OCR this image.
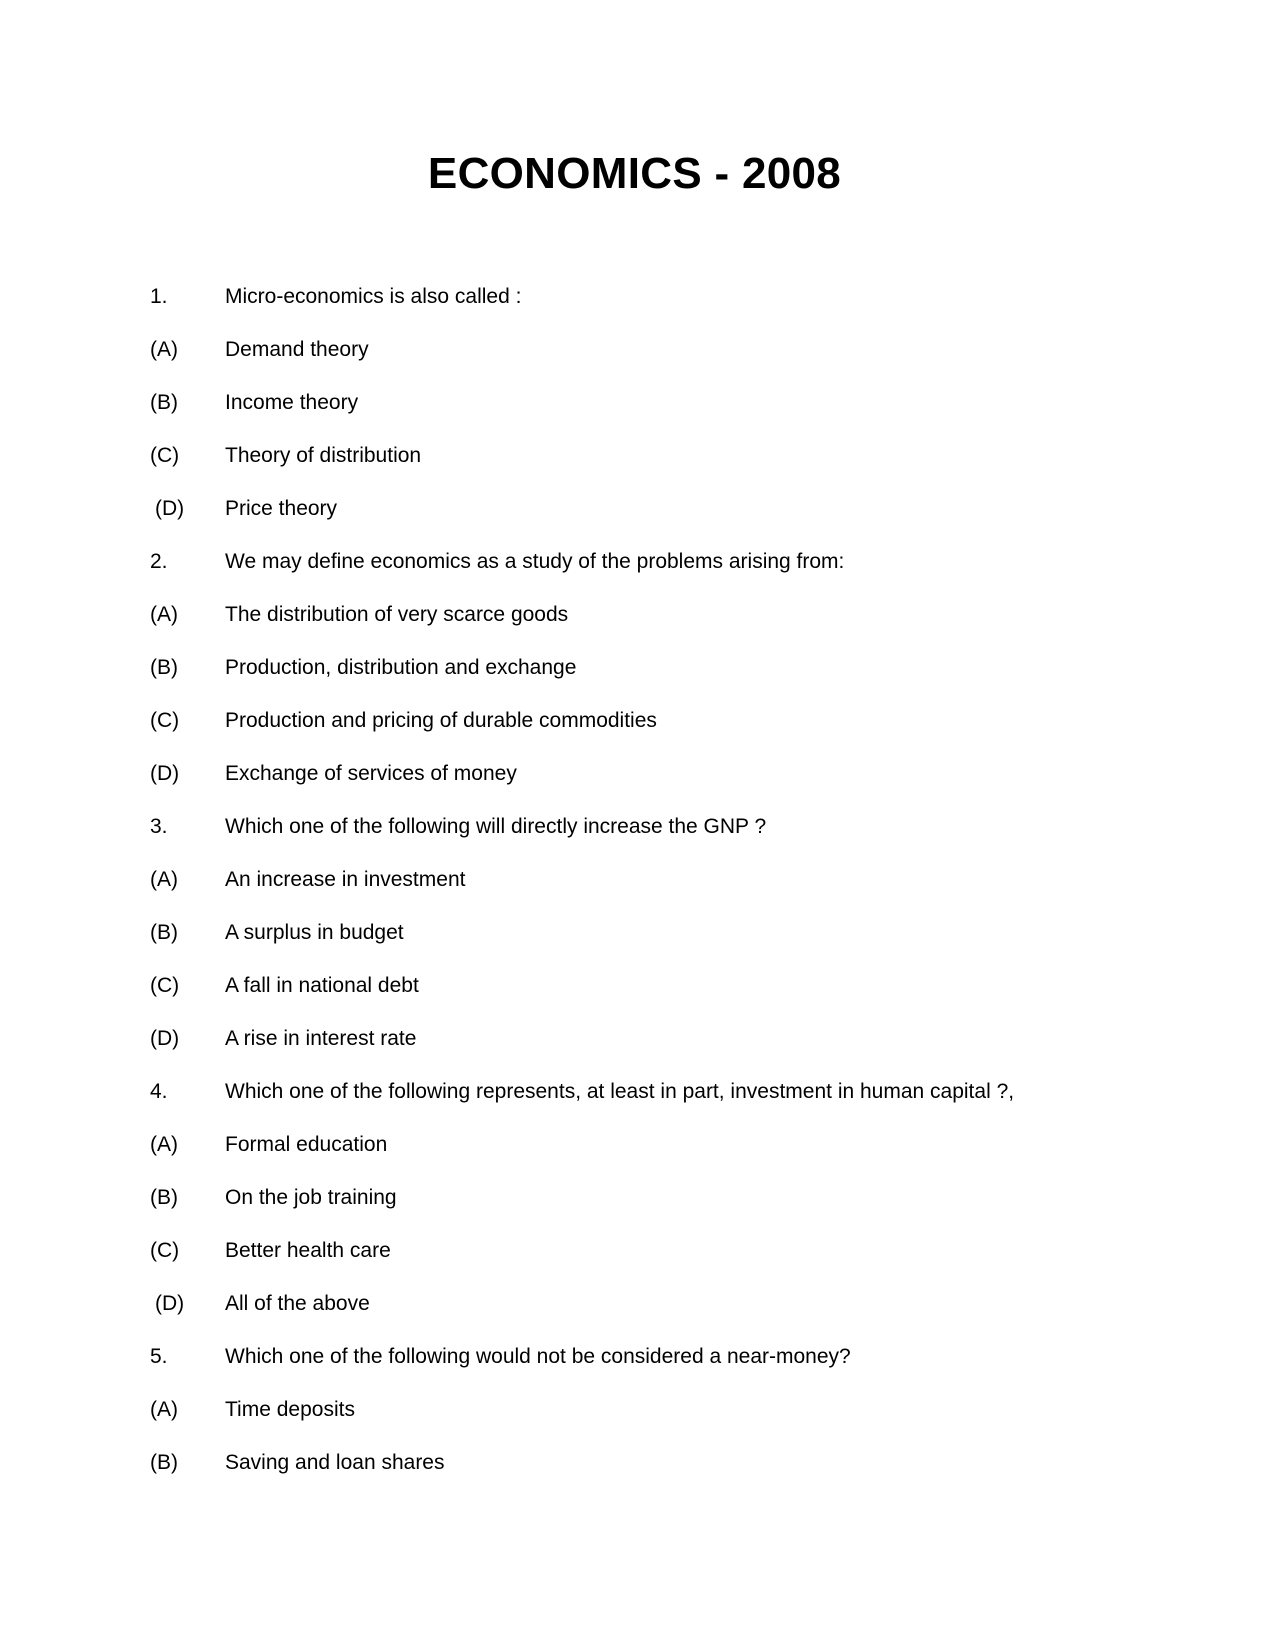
ECONOMICS - 2008
1.	Micro-economics is also called :
(A) Demand theory
(B) Income theory
(C) Theory of distribution
(D) Price theory
2.	We may define economics as a study of the problems arising from:
(A) The distribution of very scarce goods
(B) Production, distribution and exchange
(C) Production and pricing of durable commodities
(D) Exchange of services of money
3.	Which one of the following will directly increase the GNP ?
(A) An increase in investment
(B) A surplus in budget
(C) A fall in national debt
(D) A rise in interest rate
4.	Which one of the following represents, at least in part, investment in human capital ?,
(A) Formal education
(B) On the job training
(C) Better health care
(D) All of the above
5.	Which one of the following would not be considered a near-money?
(A) Time deposits
(B) Saving and loan shares
